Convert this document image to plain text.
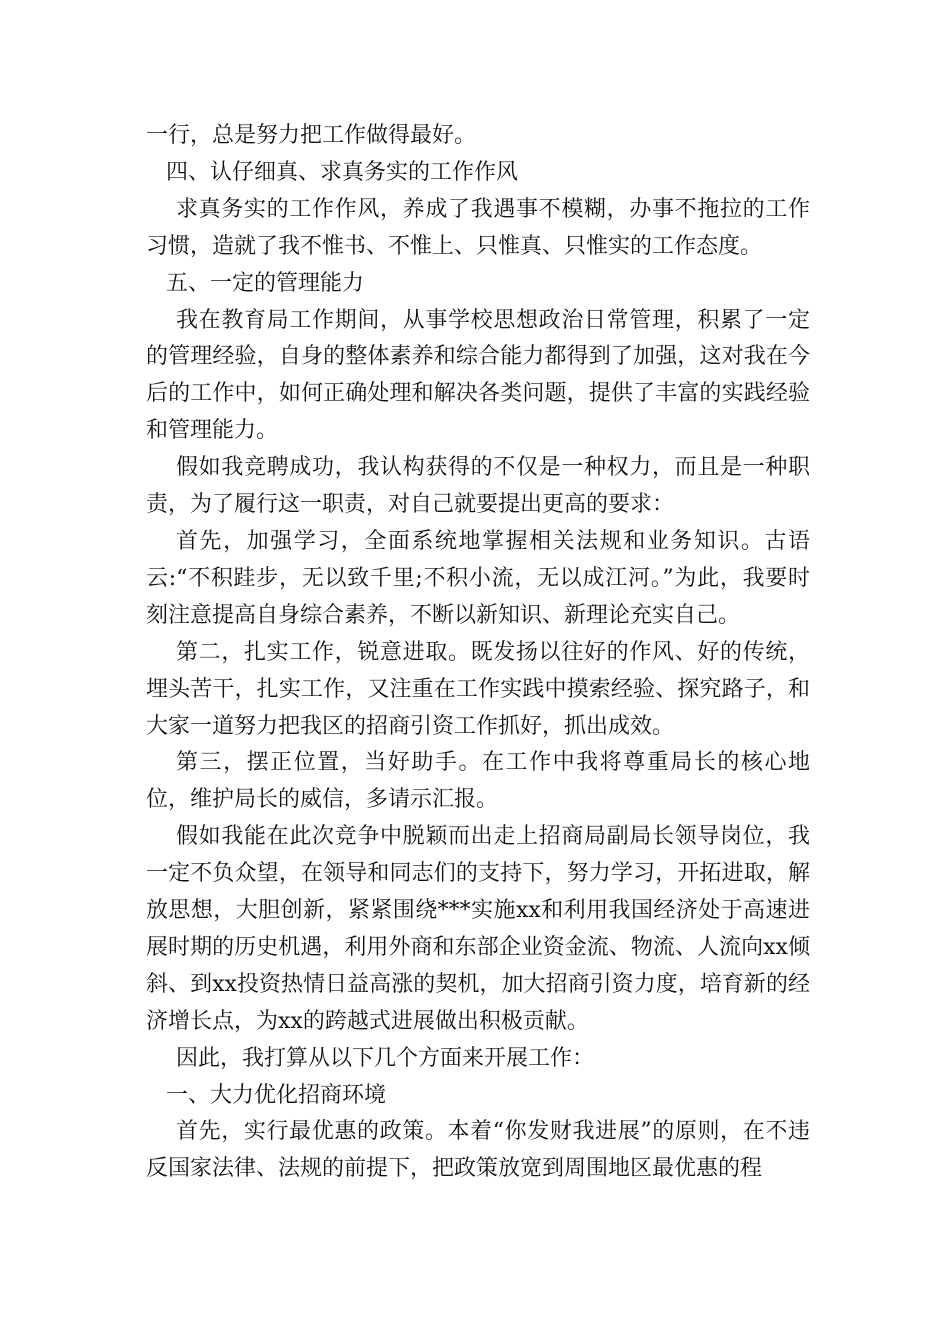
一行，总是努力把工作做得最好。

四、认仔细真、求真务实的工作作风

求真务实的工作作风，养成了我遇事不模糊，办事不拖拉的工作习惯，造就了我不惟书、不惟上、只惟真、只惟实的工作态度。

五、一定的管理能力

我在教育局工作期间，从事学校思想政治日常管理，积累了一定的管理经验，自身的整体素养和综合能力都得到了加强，这对我在今后的工作中，如何正确处理和解决各类问题，提供了丰富的实践经验和管理能力。

假如我竞聘成功，我认构获得的不仅是一种权力，而且是一种职责，为了履行这一职责，对自己就要提出更高的要求：

首先，加强学习，全面系统地掌握相关法规和业务知识。古语云:“不积跬步，无以致千里;不积小流，无以成江河。”为此，我要时刻注意提高自身综合素养，不断以新知识、新理论充实自己。

第二，扎实工作，锐意进取。既发扬以往好的作风、好的传统，埋头苦干，扎实工作，又注重在工作实践中摸索经验、探究路子，和大家一道努力把我区的招商引资工作抓好，抓出成效。

第三，摆正位置，当好助手。在工作中我将尊重局长的核心地位，维护局长的威信，多请示汇报。

假如我能在此次竞争中脱颖而出走上招商局副局长领导岗位，我一定不负众望，在领导和同志们的支持下，努力学习，开拓进取，解放思想，大胆创新，紧紧围绕***实施xx和利用我国经济处于高速进展时期的历史机遇，利用外商和东部企业资金流、物流、人流向xx倾斜、到xx投资热情日益高涨的契机，加大招商引资力度，培育新的经济增长点，为xx的跨越式进展做出积极贡献。

因此，我打算从以下几个方面来开展工作：

一、大力优化招商环境

首先，实行最优惠的政策。本着“你发财我进展”的原则，在不违反国家法律、法规的前提下，把政策放宽到周围地区最优惠的程
